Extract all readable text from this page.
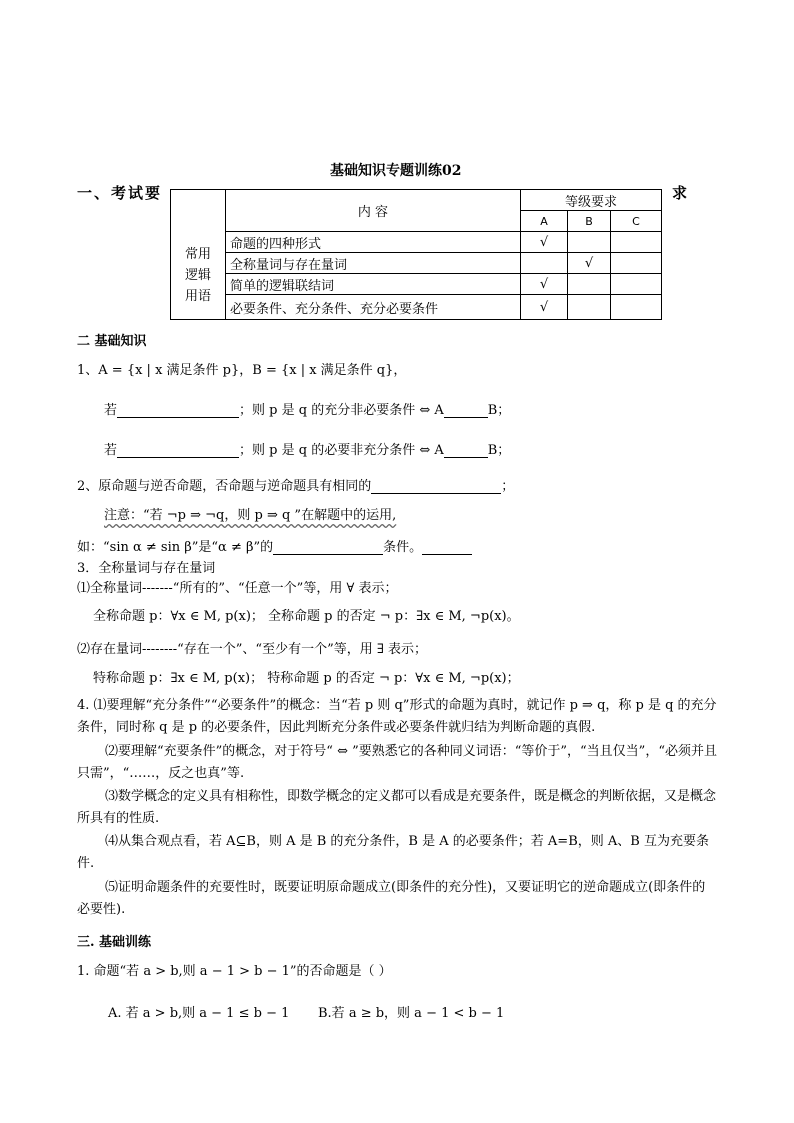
基础知识专题训练02
一、考试要	求
	内 容	等级要求		
		A	B	C

常用
逻辑
用语	命题的四种形式	√		
	全称量词与存在量词		√	
	简单的逻辑联结词	√		
	必要条件、充分条件、充分必要条件	√		
二 基础知识
1、A = {x | x 满足条件 p}，B = {x | x 满足条件 q}，
若	；则 p 是 q 的充分非必要条件 ⇔ A	B；
若	；则 p 是 q 的必要非充分条件 ⇔ A	B；
2、原命题与逆否命题，否命题与逆命题具有相同的	；
注意：“若 ¬p ⇒ ¬q，则 p ⇒ q ”在解题中的运用,
如：“sin α ≠ sin β”是“α ≠ β”的	条件。
3．全称量词与存在量词
⑴全称量词-------“所有的”、“任意一个”等，用 ∀ 表示；
全称命题 p：∀x ∈ M, p(x)； 全称命题 p 的否定 ¬ p：∃x ∈ M, ¬p(x)。
⑵存在量词--------“存在一个”、“至少有一个”等，用 ∃ 表示；
特称命题 p：∃x ∈ M, p(x)； 特称命题 p 的否定 ¬ p：∀x ∈ M, ¬p(x)；
4. ⑴要理解“充分条件”“必要条件”的概念：当“若 p 则 q”形式的命题为真时，就记作 p ⇒ q，称 p 是 q 的充分条件，同时称 q 是 p 的必要条件，因此判断充分条件或必要条件就归结为判断命题的真假.
⑵要理解“充要条件”的概念，对于符号“ ⇔ ”要熟悉它的各种同义词语：“等价于”，“当且仅当”，“必须并且只需”，“……，反之也真”等.
⑶数学概念的定义具有相称性，即数学概念的定义都可以看成是充要条件，既是概念的判断依据，又是概念所具有的性质.
⑷从集合观点看，若 A⊆B，则 A 是 B 的充分条件，B 是 A 的必要条件；若 A=B，则 A、B 互为充要条件.
⑸证明命题条件的充要性时，既要证明原命题成立(即条件的充分性)，又要证明它的逆命题成立(即条件的必要性).
三. 基础训练
1. 命题“若 a > b,则 a − 1 > b − 1”的否命题是（ ）
A. 若 a > b,则 a − 1 ≤ b − 1 B.若 a ≥ b，则 a − 1 < b − 1
